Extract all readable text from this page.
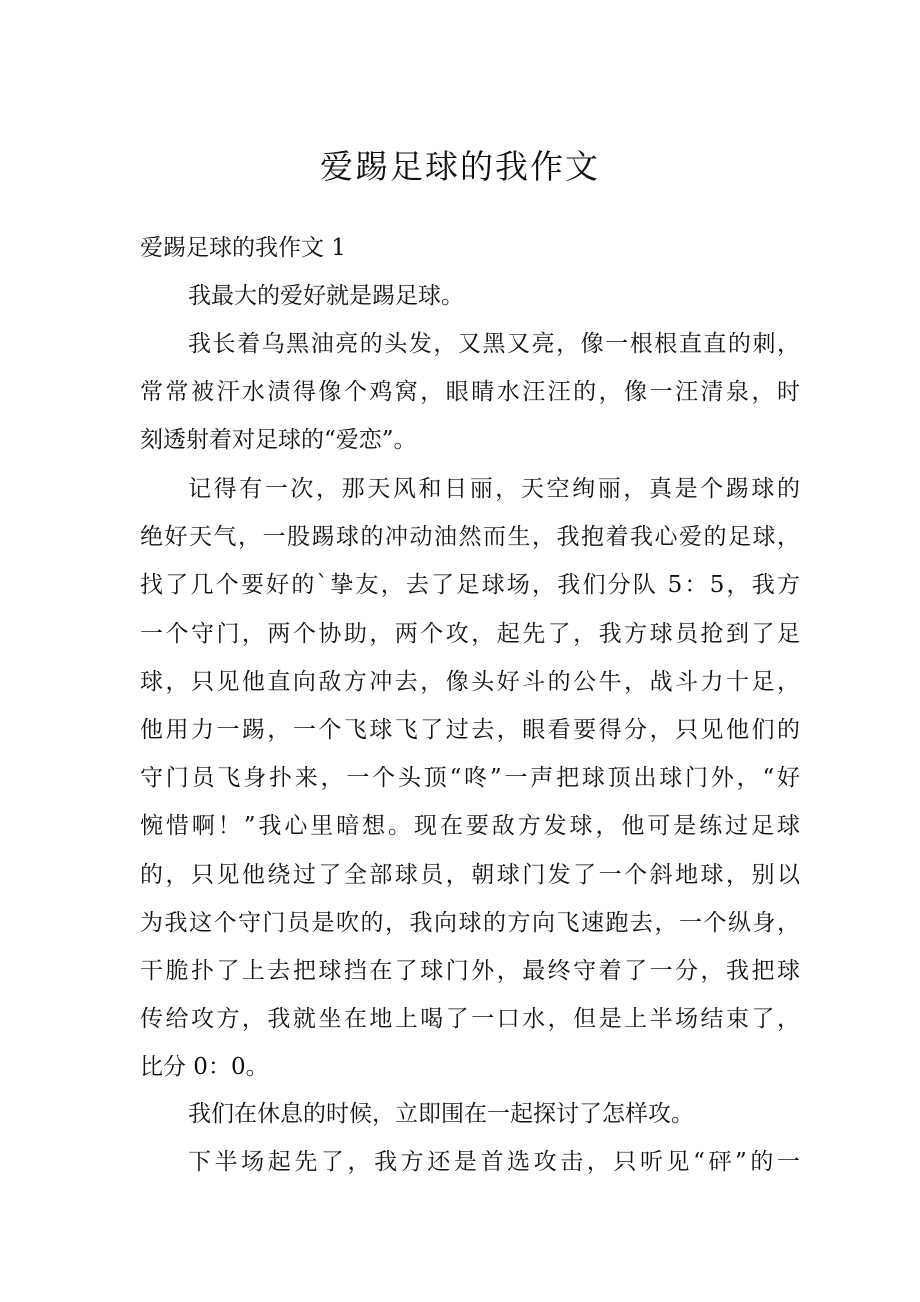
爱踢足球的我作文
爱踢足球的我作文 1

我最大的爱好就是踢足球。

我长着乌黑油亮的头发，又黑又亮，像一根根直直的刺，
常常被汗水渍得像个鸡窝，眼睛水汪汪的，像一汪清泉，时
刻透射着对足球的“爱恋”。

记得有一次，那天风和日丽，天空绚丽，真是个踢球的
绝好天气，一股踢球的冲动油然而生，我抱着我心爱的足球，
找了几个要好的`挚友，去了足球场，我们分队 5：5，我方
一个守门，两个协助，两个攻，起先了，我方球员抢到了足
球，只见他直向敌方冲去，像头好斗的公牛，战斗力十足，
他用力一踢，一个飞球飞了过去，眼看要得分，只见他们的
守门员飞身扑来，一个头顶“咚”一声把球顶出球门外，“好
惋惜啊！”我心里暗想。现在要敌方发球，他可是练过足球
的，只见他绕过了全部球员，朝球门发了一个斜地球，别以
为我这个守门员是吹的，我向球的方向飞速跑去，一个纵身，
干脆扑了上去把球挡在了球门外，最终守着了一分，我把球
传给攻方，我就坐在地上喝了一口水，但是上半场结束了，
比分 0：0。

我们在休息的时候，立即围在一起探讨了怎样攻。

下半场起先了，我方还是首选攻击，只听见“砰”的一
